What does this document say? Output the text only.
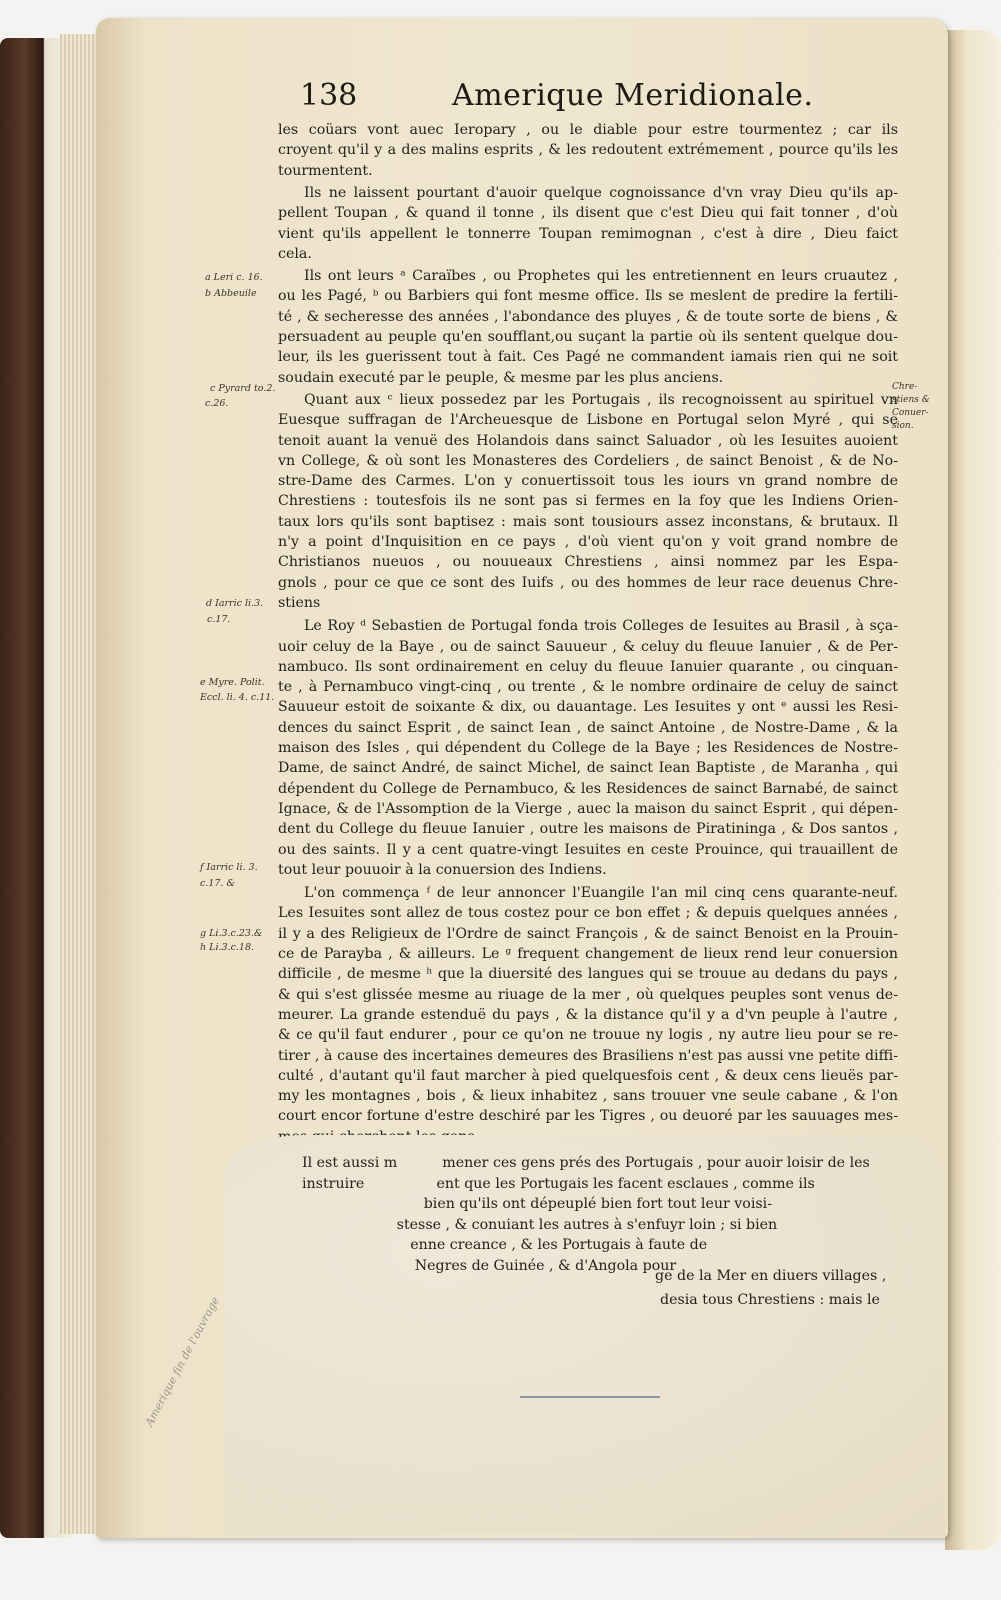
138	Amerique Meridionale.
les coüars vont auec Ieropary , ou le diable pour estre tourmentez ; car ils
croyent qu'il y a des malins esprits , & les redoutent extrémement , pource qu'ils les
tourmentent.
Ils ne laissent pourtant d'auoir quelque cognoissance d'vn vray Dieu qu'ils ap-
pellent Toupan , & quand il tonne , ils disent que c'est Dieu qui fait tonner , d'où
vient qu'ils appellent le tonnerre Toupan remimognan , c'est à dire , Dieu faict
cela.
Ils ont leurs ᵃ Caraïbes , ou Prophetes qui les entretiennent en leurs cruautez ,
ou les Pagé, ᵇ ou Barbiers qui font mesme office. Ils se meslent de predire la fertili-
té , & secheresse des années , l'abondance des pluyes , & de toute sorte de biens , &
persuadent au peuple qu'en soufflant,ou suçant la partie où ils sentent quelque dou-
leur, ils les guerissent tout à fait. Ces Pagé ne commandent iamais rien qui ne soit
soudain executé par le peuple, & mesme par les plus anciens.
Quant aux ᶜ lieux possedez par les Portugais , ils recognoissent au spirituel vn
Euesque suffragan de l'Archeuesque de Lisbone en Portugal selon Myré , qui se
tenoit auant la venuë des Holandois dans sainct Saluador , où les Iesuites auoient
vn College, & où sont les Monasteres des Cordeliers , de sainct Benoist , & de No-
stre-Dame des Carmes. L'on y conuertissoit tous les iours vn grand nombre de
Chrestiens : toutesfois ils ne sont pas si fermes en la foy que les Indiens Orien-
taux lors qu'ils sont baptisez : mais sont tousiours assez inconstans, & brutaux. Il
n'y a point d'Inquisition en ce pays , d'où vient qu'on y voit grand nombre de
Christianos nueuos , ou nouueaux Chrestiens , ainsi nommez par les Espa-
gnols , pour ce que ce sont des Iuifs , ou des hommes de leur race deuenus Chre-
stiens
Le Roy ᵈ Sebastien de Portugal fonda trois Colleges de Iesuites au Brasil , à sça-
uoir celuy de la Baye , ou de sainct Sauueur , & celuy du fleuue Ianuier , & de Per-
nambuco. Ils sont ordinairement en celuy du fleuue Ianuier quarante , ou cinquan-
te , à Pernambuco vingt-cinq , ou trente , & le nombre ordinaire de celuy de sainct
Sauueur estoit de soixante & dix, ou dauantage. Les Iesuites y ont ᵉ aussi les Resi-
dences du sainct Esprit , de sainct Iean , de sainct Antoine , de Nostre-Dame , & la
maison des Isles , qui dépendent du College de la Baye ; les Residences de Nostre-
Dame, de sainct André, de sainct Michel, de sainct Iean Baptiste , de Maranha , qui
dépendent du College de Pernambuco, & les Residences de sainct Barnabé, de sainct
Ignace, & de l'Assomption de la Vierge , auec la maison du sainct Esprit , qui dépen-
dent du College du fleuue Ianuier , outre les maisons de Piratininga , & Dos santos ,
ou des saints. Il y a cent quatre-vingt Iesuites en ceste Prouince, qui trauaillent de
tout leur pouuoir à la conuersion des Indiens.
L'on commença ᶠ de leur annoncer l'Euangile l'an mil cinq cens quarante-neuf.
Les Iesuites sont allez de tous costez pour ce bon effet ; & depuis quelques années ,
il y a des Religieux de l'Ordre de sainct François , & de sainct Benoist en la Prouin-
ce de Parayba , & ailleurs. Le ᵍ frequent changement de lieux rend leur conuersion
difficile , de mesme ʰ que la diuersité des langues qui se trouue au dedans du pays ,
& qui s'est glissée mesme au riuage de la mer , où quelques peuples sont venus de-
meurer. La grande estenduë du pays , & la distance qu'il y a d'vn peuple à l'autre ,
& ce qu'il faut endurer , pour ce qu'on ne trouue ny logis , ny autre lieu pour se re-
tirer , à cause des incertaines demeures des Brasiliens n'est pas aussi vne petite diffi-
culté , d'autant qu'il faut marcher à pied quelquesfois cent , & deux cens lieuës par-
my les montagnes , bois , & lieux inhabitez , sans trouuer vne seule cabane , & l'on
court encor fortune d'estre deschiré par les Tigres , ou deuoré par les sauuages mes-
a Leri c. 16.
b Abbeuile
c Pyrard to.2.
c.26.
d Iarric li.3.
c.17.
e Myre. Polit.
Eccl. li. 4. c.11.
f Iarric li. 3.
c.17. &
g Li.3.c.23.&
h Li.3.c.18.
Chre-
stiens &
Conuer-
sion.
Il est aussi m          mener ces gens prés des Portugais , pour auoir loisir de les
instruire                ent que les Portugais les facent esclaues , comme ils
bien qu'ils ont dépeuplé bien fort tout leur voisi-
stesse , & conuiant les autres à s'enfuyr loin ; si bien
enne creance , & les Portugais à faute de
Negres de Guinée , & d'Angola pour
ge de la Mer en diuers villages ,
desia tous Chrestiens : mais le
Amerique fin de l'ouvrage
